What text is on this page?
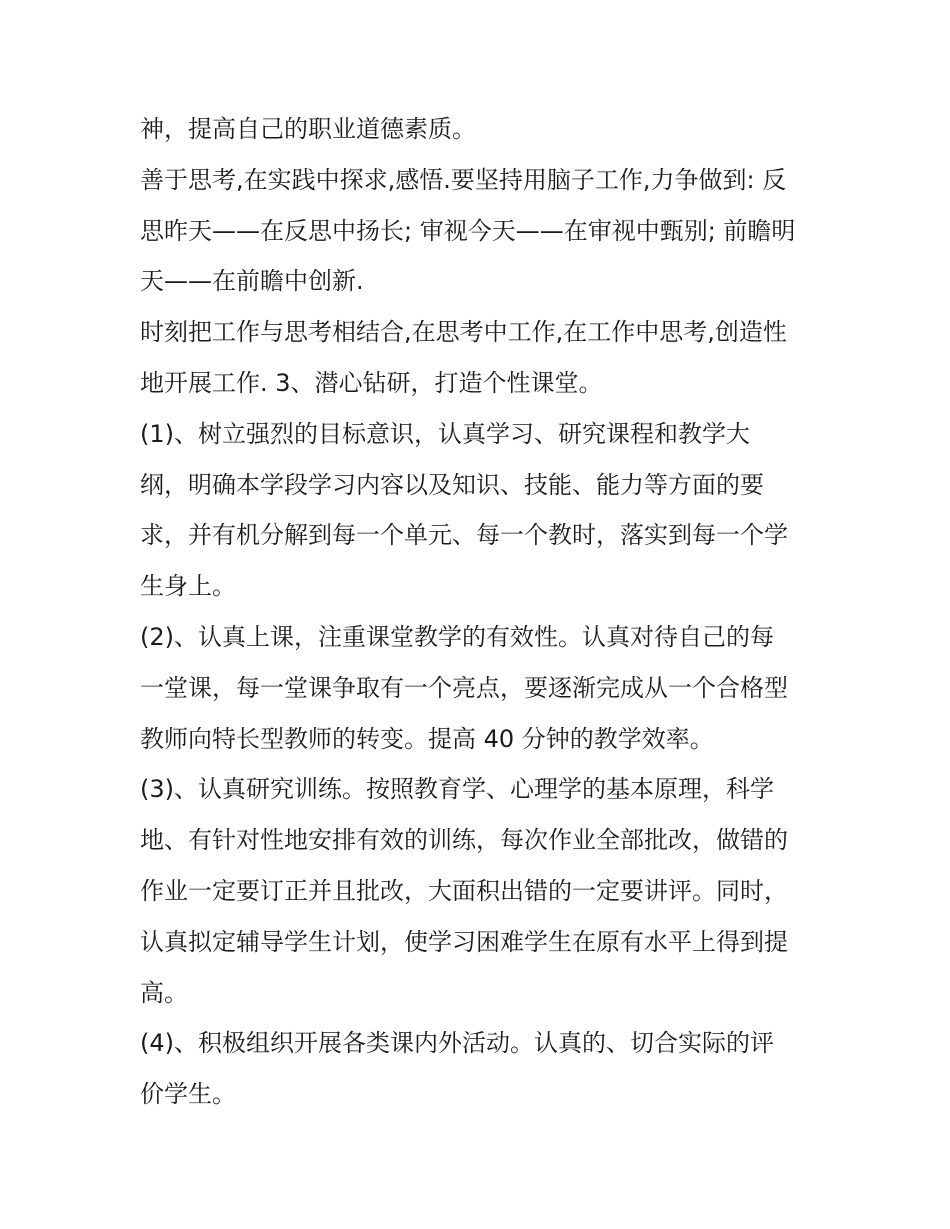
神，提高自己的职业道德素质。
善于思考,在实践中探求,感悟.要坚持用脑子工作,力争做到: 反
思昨天——在反思中扬长; 审视今天——在审视中甄别; 前瞻明
天——在前瞻中创新.
时刻把工作与思考相结合,在思考中工作,在工作中思考,创造性
地开展工作. 3、潜心钻研，打造个性课堂。
(1)、树立强烈的目标意识，认真学习、研究课程和教学大
纲，明确本学段学习内容以及知识、技能、能力等方面的要
求，并有机分解到每一个单元、每一个教时，落实到每一个学
生身上。
(2)、认真上课，注重课堂教学的有效性。认真对待自己的每
一堂课，每一堂课争取有一个亮点，要逐渐完成从一个合格型
教师向特长型教师的转变。提高 40 分钟的教学效率。
(3)、认真研究训练。按照教育学、心理学的基本原理，科学
地、有针对性地安排有效的训练，每次作业全部批改，做错的
作业一定要订正并且批改，大面积出错的一定要讲评。同时，
认真拟定辅导学生计划，使学习困难学生在原有水平上得到提
高。
(4)、积极组织开展各类课内外活动。认真的、切合实际的评
价学生。
